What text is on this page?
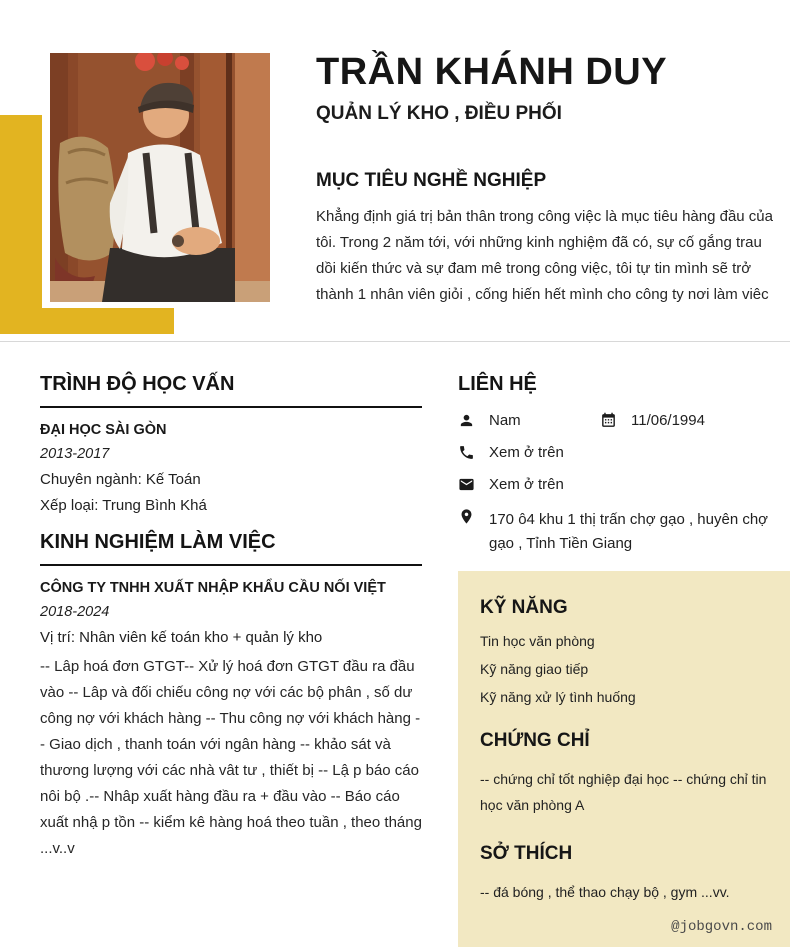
TRẦN KHÁNH DUY
QUẢN LÝ KHO , ĐIỀU PHỐI
MỤC TIÊU NGHỀ NGHIỆP
Khẳng định giá trị bản thân trong công việc là mục tiêu hàng đầu của tôi. Trong 2 năm tới, với những kinh nghiệm đã có, sự cố gắng trau dồi kiến thức và sự đam mê trong công việc, tôi tự tin mình sẽ trở thành 1 nhân viên giỏi , cống hiến hết mình cho công ty nơi làm viêc
TRÌNH ĐỘ HỌC VẤN
ĐẠI HỌC SÀI GÒN
2013-2017
Chuyên ngành: Kế Toán
Xếp loại: Trung Bình Khá
KINH NGHIỆM LÀM VIỆC
CÔNG TY TNHH XUẤT NHẬP KHẨU CẦU NỐI VIỆT
2018-2024
Vị trí: Nhân viên kế toán kho + quản lý kho
-- Lâp hoá đơn GTGT-- Xử lý hoá đơn GTGT đầu ra đầu vào -- Lâp và đối chiếu công nợ với các bộ phân , số dư công nợ với khách hàng -- Thu công nợ với khách hàng -- Giao dịch , thanh toán với ngân hàng -- khảo sát và thương lượng với các nhà vât tư , thiết bị -- Lậ p báo cáo nôi bộ .-- Nhâp xuất hàng đầu ra + đầu vào -- Báo cáo xuất nhậ p tồn -- kiểm kê hàng hoá theo tuần , theo tháng ...v..v
LIÊN HỆ
Nam	11/06/1994
Xem ở trên
Xem ở trên
170 ô4 khu 1 thị trấn chợ gạo , huyên chợ gạo , Tỉnh Tiền Giang
KỸ NĂNG
Tin học văn phòng
Kỹ năng giao tiếp
Kỹ năng xử lý tình huống
CHỨNG CHỈ
-- chứng chỉ tốt nghiệp đại học -- chứng chỉ tin học văn phòng A
SỞ THÍCH
-- đá bóng , thể thao chạy bộ , gym ...vv.
@jobgovn.com
